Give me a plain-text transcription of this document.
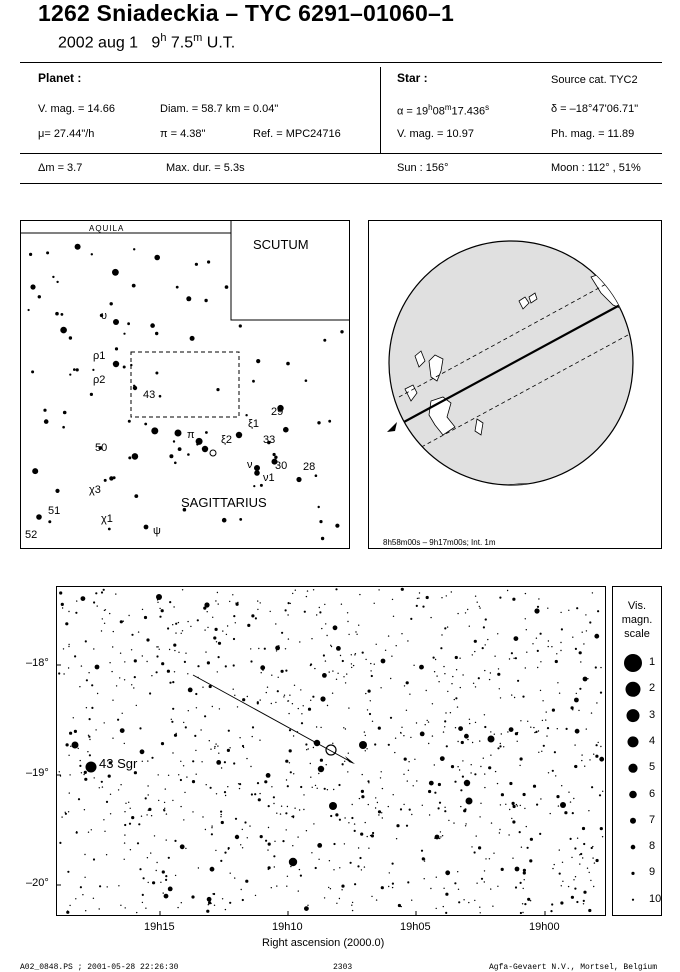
1262 Sniadeckia – TYC 6291–01060–1
2002 aug 1 9$^h$ 7.5$^m$ U.T.
Planet :
V. mag. = 14.66	Diam. = 58.7 km = 0.04"
μ= 27.44"/h	π = 4.38"	Ref. = MPC24716
Star :	Source cat. TYC2
$\alpha = 19^h08^m17.436^s$	δ = –18°47'06.71"
V. mag. = 10.97	Ph. mag. = 11.89
Δm = 3.7	Max. dur. = 5.3s	Sun : 156°	Moon : 112° , 51%
AQUILA
SCUTUM
SAGITTARIUS
υ
ρ1
ρ2
43
29
ξ1
π ξ2	33
50
ν 30 28
ν1
χ3
51
χ1
ψ
52
8h58m00s – 9h17m00s; Int. 1m
43 Sgr
–18°
–19°
–20°
19h15	19h10	19h05	19h00
Right ascension (2000.0)
Vis.
magn.
scale
1
2
3
4
5
6
7
8
9
10
A02_0848.PS ; 2001-05-28 22:26:30	2303	Agfa-Gevaert N.V., Mortsel, Belgium
